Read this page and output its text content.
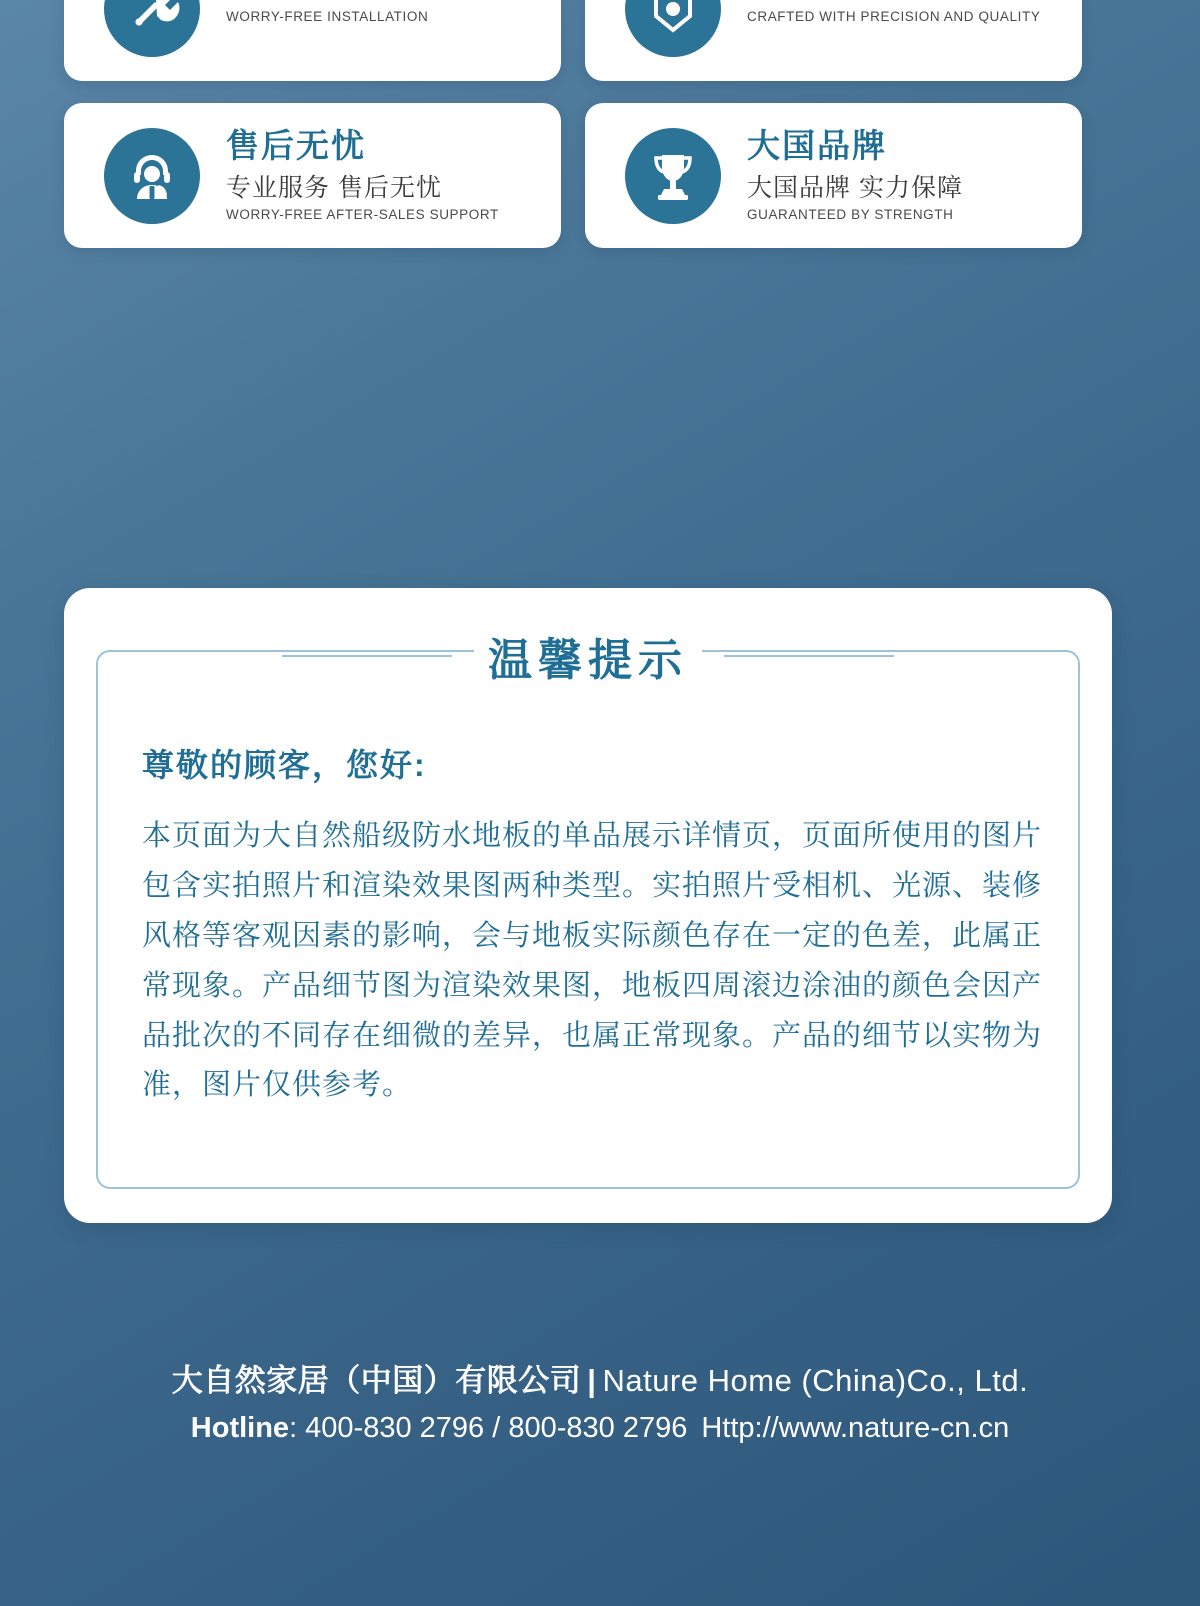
WORRY-FREE INSTALLATION	CRAFTED WITH PRECISION AND QUALITY
售后无忧
专业服务 售后无忧
WORRY-FREE AFTER-SALES SUPPORT
大国品牌
大国品牌 实力保障
GUARANTEED BY STRENGTH
温馨提示
尊敬的顾客，您好:
本页面为大自然船级防水地板的单品展示详情页，页面所使用的图片包含实拍照片和渲染效果图两种类型。实拍照片受相机、光源、装修风格等客观因素的影响，会与地板实际颜色存在一定的色差，此属正常现象。产品细节图为渲染效果图，地板四周滚边涂油的颜色会因产品批次的不同存在细微的差异，也属正常现象。产品的细节以实物为准，图片仅供参考。
大自然家居（中国）有限公司 | Nature Home (China)Co., Ltd.
Hotline: 400-830 2796 / 800-830 2796 Http://www.nature-cn.cn
